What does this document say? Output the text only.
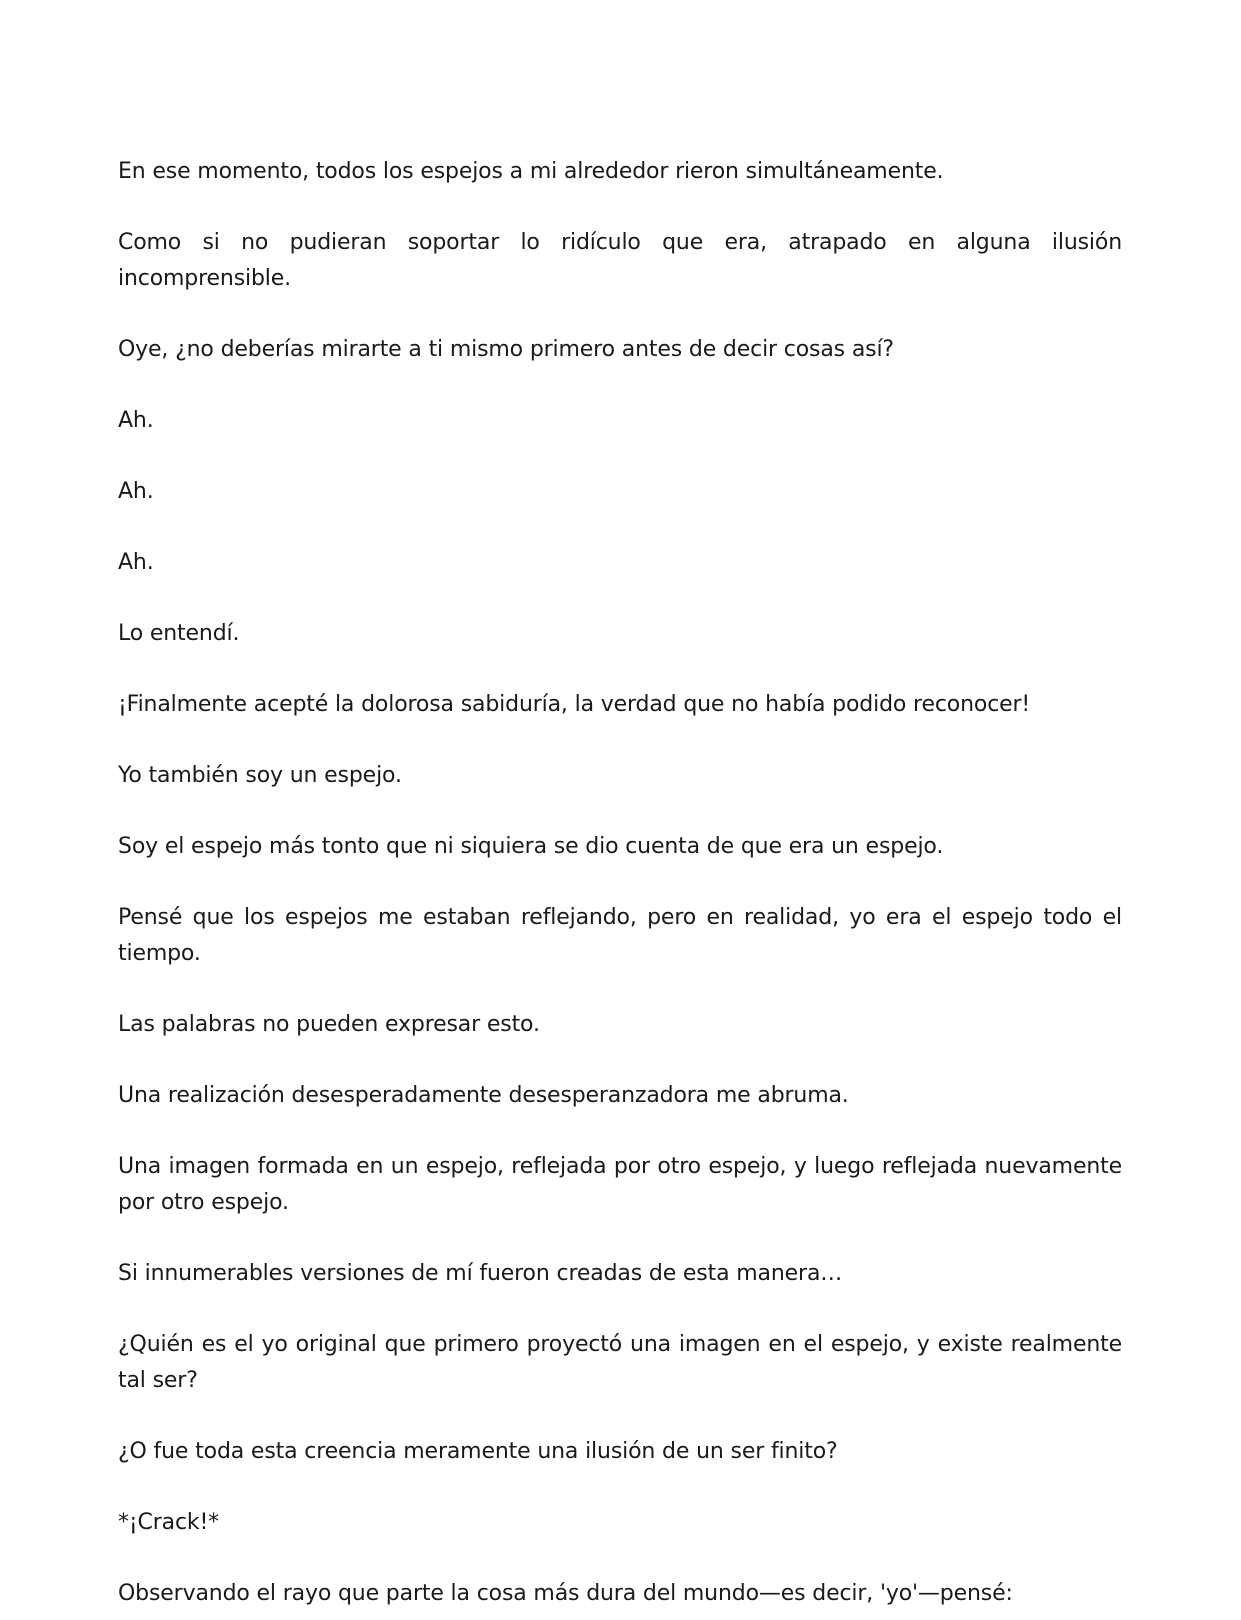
En ese momento, todos los espejos a mi alrededor rieron simultáneamente.

Como si no pudieran soportar lo ridículo que era, atrapado en alguna ilusión incomprensible.

Oye, ¿no deberías mirarte a ti mismo primero antes de decir cosas así?

Ah.

Ah.

Ah.

Lo entendí.

¡Finalmente acepté la dolorosa sabiduría, la verdad que no había podido reconocer!

Yo también soy un espejo.

Soy el espejo más tonto que ni siquiera se dio cuenta de que era un espejo.

Pensé que los espejos me estaban reflejando, pero en realidad, yo era el espejo todo el tiempo.

Las palabras no pueden expresar esto.

Una realización desesperadamente desesperanzadora me abruma.

Una imagen formada en un espejo, reflejada por otro espejo, y luego reflejada nuevamente por otro espejo.

Si innumerables versiones de mí fueron creadas de esta manera…

¿Quién es el yo original que primero proyectó una imagen en el espejo, y existe realmente tal ser?

¿O fue toda esta creencia meramente una ilusión de un ser finito?

*¡Crack!*

Observando el rayo que parte la cosa más dura del mundo—es decir, 'yo'—pensé:
